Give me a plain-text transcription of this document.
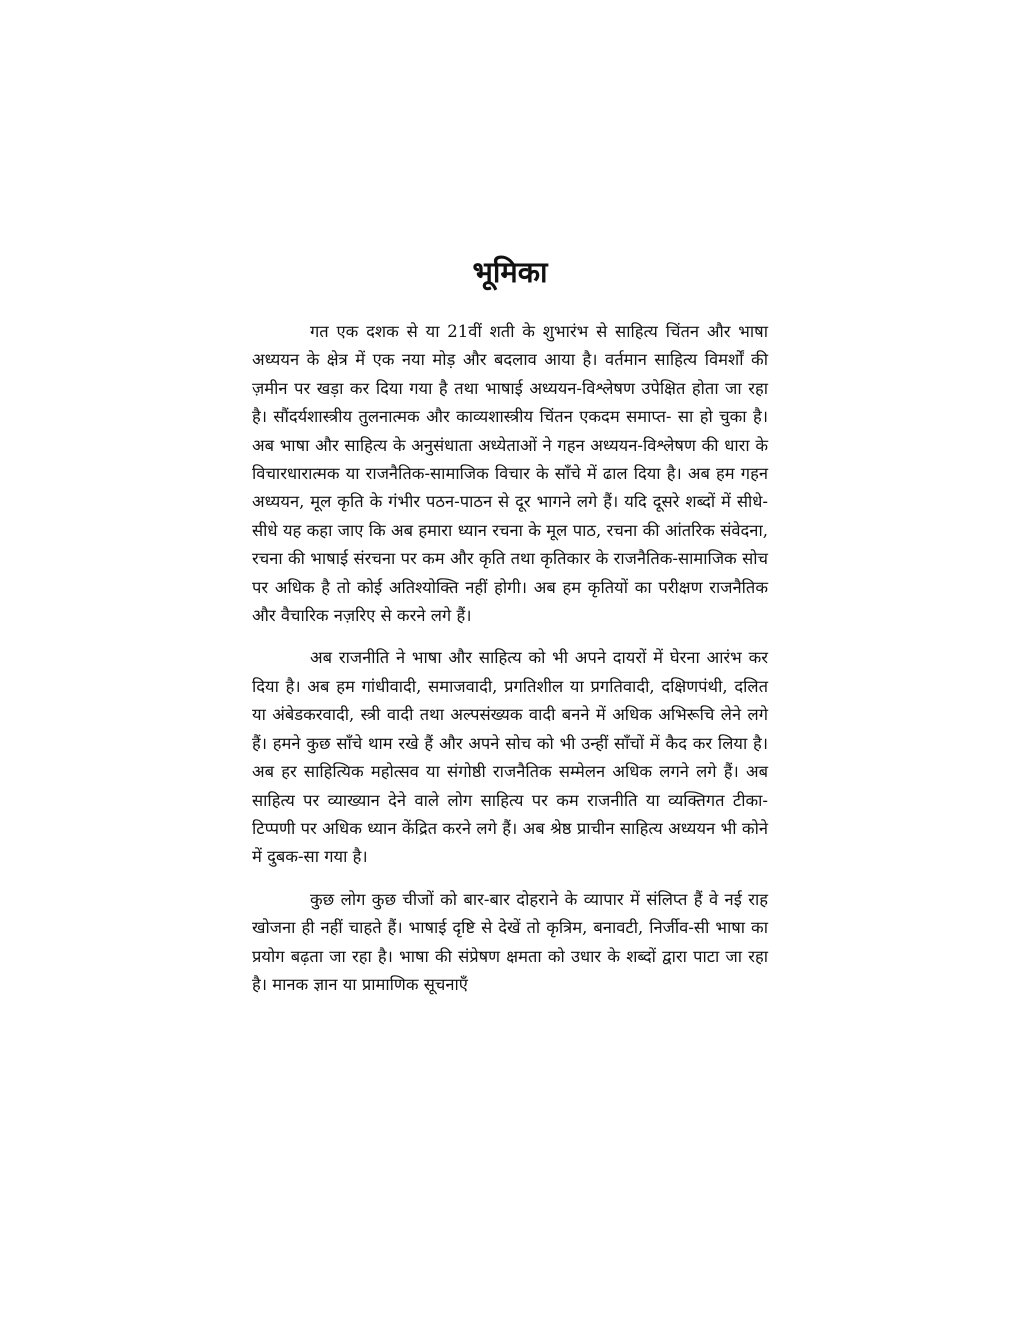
भूमिका

गत एक दशक से या 21वीं शती के शुभारंभ से साहित्य चिंतन और भाषा अध्ययन के क्षेत्र में एक नया मोड़ और बदलाव आया है। वर्तमान साहित्य विमर्शों की ज़मीन पर खड़ा कर दिया गया है तथा भाषाई अध्ययन-विश्लेषण उपेक्षित होता जा रहा है। सौंदर्यशास्त्रीय तुलनात्मक और काव्यशास्त्रीय चिंतन एकदम समाप्त- सा हो चुका है। अब भाषा और साहित्य के अनुसंधाता अध्येताओं ने गहन अध्ययन-विश्लेषण की धारा के विचारधारात्मक या राजनैतिक-सामाजिक विचार के साँचे में ढाल दिया है। अब हम गहन अध्ययन, मूल कृति के गंभीर पठन-पाठन से दूर भागने लगे हैं। यदि दूसरे शब्दों में सीधे-सीधे यह कहा जाए कि अब हमारा ध्यान रचना के मूल पाठ, रचना की आंतरिक संवेदना, रचना की भाषाई संरचना पर कम और कृति तथा कृतिकार के राजनैतिक-सामाजिक सोच पर अधिक है तो कोई अतिश्योक्ति नहीं होगी। अब हम कृतियों का परीक्षण राजनैतिक और वैचारिक नज़रिए से करने लगे हैं।

अब राजनीति ने भाषा और साहित्य को भी अपने दायरों में घेरना आरंभ कर दिया है। अब हम गांधीवादी, समाजवादी, प्रगतिशील या प्रगतिवादी, दक्षिणपंथी, दलित या अंबेडकरवादी, स्त्री वादी तथा अल्पसंख्यक वादी बनने में अधिक अभिरूचि लेने लगे हैं। हमने कुछ साँचे थाम रखे हैं और अपने सोच को भी उन्हीं साँचों में कैद कर लिया है। अब हर साहित्यिक महोत्सव या संगोष्ठी राजनैतिक सम्मेलन अधिक लगने लगे हैं। अब साहित्य पर व्याख्यान देने वाले लोग साहित्य पर कम राजनीति या व्यक्तिगत टीका-टिप्पणी पर अधिक ध्यान केंद्रित करने लगे हैं। अब श्रेष्ठ प्राचीन साहित्य अध्ययन भी कोने में दुबक-सा गया है।

कुछ लोग कुछ चीजों को बार-बार दोहराने के व्यापार में संलिप्त हैं वे नई राह खोजना ही नहीं चाहते हैं। भाषाई दृष्टि से देखें तो कृत्रिम, बनावटी, निर्जीव-सी भाषा का प्रयोग बढ़ता जा रहा है। भाषा की संप्रेषण क्षमता को उधार के शब्दों द्वारा पाटा जा रहा है। मानक ज्ञान या प्रामाणिक सूचनाएँ
